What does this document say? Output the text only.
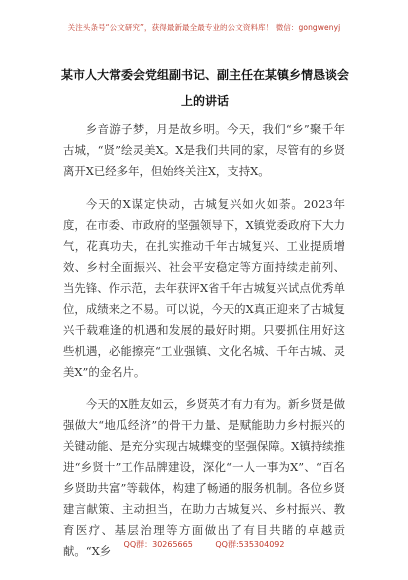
关注头条号“公文研究”，获得最新最全最专业的公文资料库！ 微信：gongwenyj
某市人大常委会党组副书记、副主任在某镇乡情恳谈会上的讲话

乡音游子梦，月是故乡明。今天，我们“乡”聚千年古城，“贤”绘灵美X。X是我们共同的家，尽管有的乡贤离开X已经多年，但始终关注X，支持X。

今天的X谋定快动，古城复兴如火如荼。2023年度，在市委、市政府的坚强领导下，X镇党委政府下大力气，花真功夫，在扎实推动千年古城复兴、工业提质增效、乡村全面振兴、社会平安稳定等方面持续走前列、当先锋、作示范，去年获评X省千年古城复兴试点优秀单位，成绩来之不易。可以说，今天的X真正迎来了古城复兴千载难逢的机遇和发展的最好时期。只要抓住用好这些机遇，必能擦亮“工业强镇、文化名城、千年古城、灵美X”的金名片。

今天的X胜友如云，乡贤英才有力有为。新乡贤是做强做大“地瓜经济”的骨干力量、是赋能助力乡村振兴的关键动能、是充分实现古城蝶变的坚强保障。X镇持续推进“乡贤十”工作品牌建设，深化“一人一事为X”、“百名乡贤助共富”等载体，构建了畅通的服务机制。各位乡贤建言献策、主动担当，在助力古城复兴、乡村振兴、教育医疗、基层治理等方面做出了有目共睹的卓越贡献。“X乡	QQ群：30265665	QQ群:535304092
